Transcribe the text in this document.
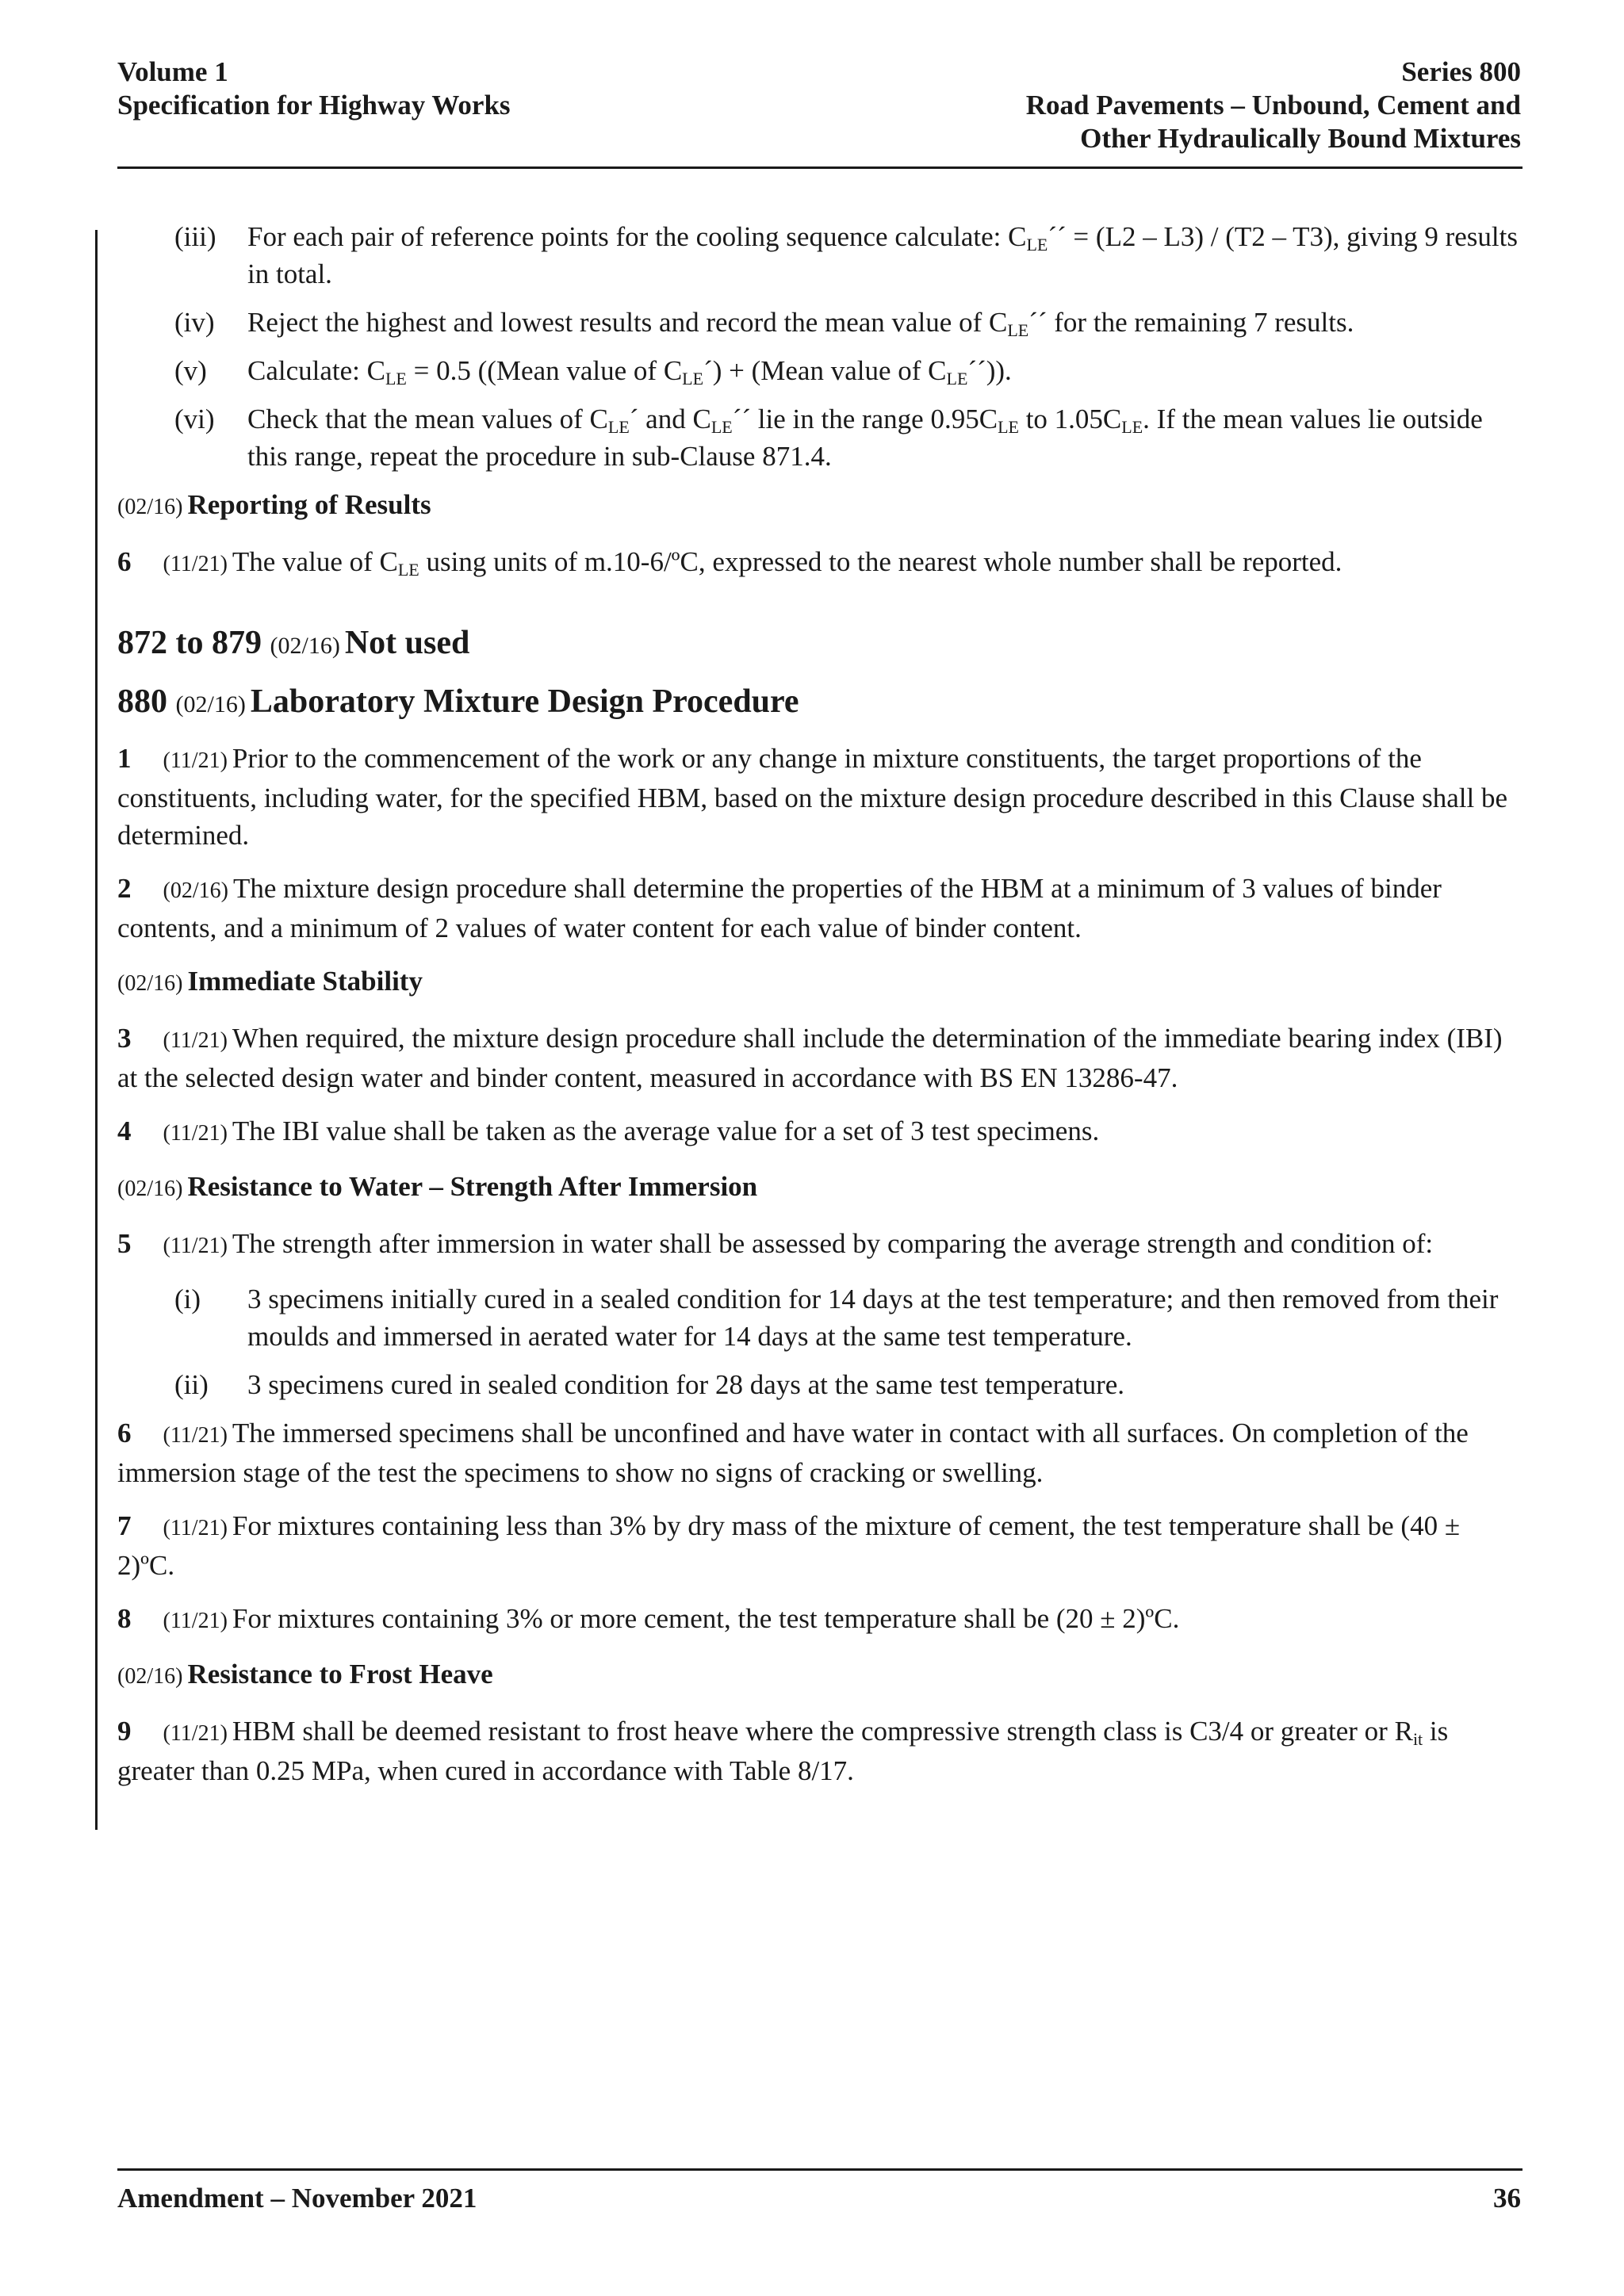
Volume 1
Specification for Highway Works
Series 800
Road Pavements – Unbound, Cement and
Other Hydraulically Bound Mixtures
(iii)	For each pair of reference points for the cooling sequence calculate: $C_{LE}´´ = (L2 - L3) / (T2 - T3)$, giving 9 results in total.
(iv)	Reject the highest and lowest results and record the mean value of $C_{LE}´´$ for the remaining 7 results.
(v)	Calculate: $C_{LE} = 0.5$ ((Mean value of $C_{LE}´$) + (Mean value of $C_{LE}´´$)).
(vi)	Check that the mean values of $C_{LE}´$ and $C_{LE}´´$ lie in the range $0.95C_{LE}$ to $1.05C_{LE}$. If the mean values lie outside this range, repeat the procedure in sub-Clause 871.4.
(02/16) Reporting of Results

6 (11/21) The value of $C_{LE}$ using units of m.10-6/ºC, expressed to the nearest whole number shall be reported.

872 to 879 (02/16) Not used
880 (02/16) Laboratory Mixture Design Procedure

1 (11/21) Prior to the commencement of the work or any change in mixture constituents, the target proportions of the constituents, including water, for the specified HBM, based on the mixture design procedure described in this Clause shall be determined.

2 (02/16) The mixture design procedure shall determine the properties of the HBM at a minimum of 3 values of binder contents, and a minimum of 2 values of water content for each value of binder content.

(02/16) Immediate Stability

3 (11/21) When required, the mixture design procedure shall include the determination of the immediate bearing index (IBI) at the selected design water and binder content, measured in accordance with BS EN 13286-47.

4 (11/21) The IBI value shall be taken as the average value for a set of 3 test specimens.

(02/16) Resistance to Water – Strength After Immersion

5 (11/21) The strength after immersion in water shall be assessed by comparing the average strength and condition of:

(i)	3 specimens initially cured in a sealed condition for 14 days at the test temperature; and then removed from their moulds and immersed in aerated water for 14 days at the same test temperature.
(ii)	3 specimens cured in sealed condition for 28 days at the same test temperature.

6 (11/21) The immersed specimens shall be unconfined and have water in contact with all surfaces. On completion of the immersion stage of the test the specimens to show no signs of cracking or swelling.

7 (11/21) For mixtures containing less than 3% by dry mass of the mixture of cement, the test temperature shall be (40 ± 2)ºC.

8 (11/21) For mixtures containing 3% or more cement, the test temperature shall be (20 ± 2)ºC.

(02/16) Resistance to Frost Heave

9 (11/21) HBM shall be deemed resistant to frost heave where the compressive strength class is C3/4 or greater or $R_{it}$ is greater than 0.25 MPa, when cured in accordance with Table 8/17.

Amendment – November 2021	36
